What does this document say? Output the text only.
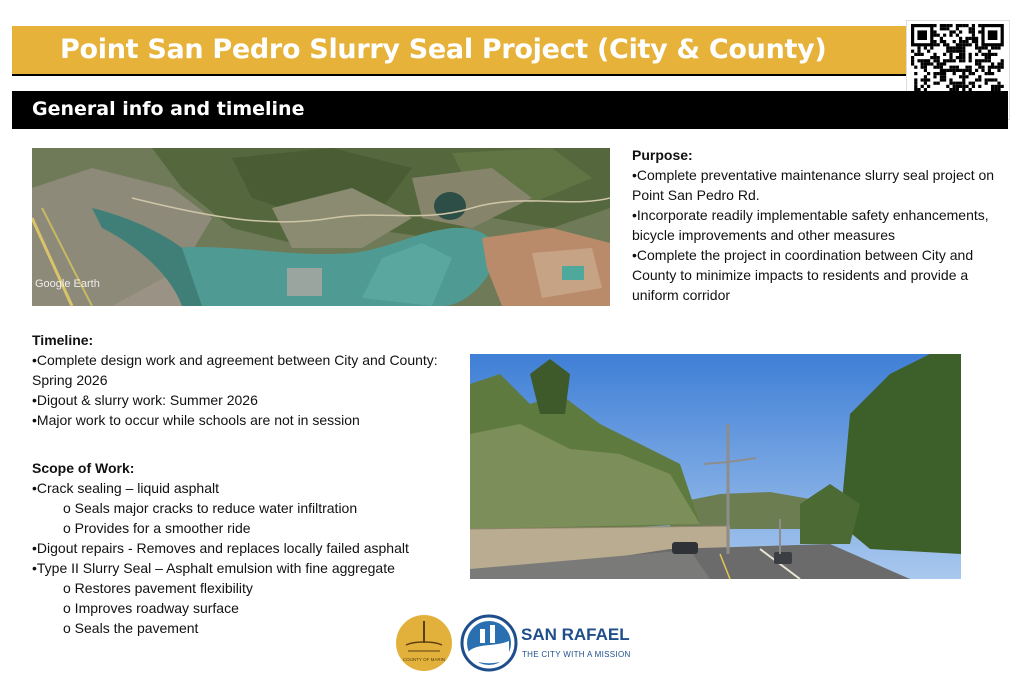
Point San Pedro Slurry Seal Project (City & County)
General info and timeline
Google Earth
Purpose:
•Complete preventative maintenance slurry seal project on Point San Pedro Rd.
•Incorporate readily implementable safety enhancements, bicycle improvements and other measures
•Complete the project in coordination between City and County to minimize impacts to residents and provide a uniform corridor
Timeline:
•Complete design work and agreement between City and County: Spring 2026
•Digout & slurry work: Summer 2026
•Major work to occur while schools are not in session
Scope of Work:
•Crack sealing – liquid asphalt
o Seals major cracks to reduce water infiltration
o Provides for a smoother ride
•Digout repairs - Removes and replaces locally failed asphalt
•Type II Slurry Seal – Asphalt emulsion with fine aggregate
o Restores pavement flexibility
o Improves roadway surface
o Seals the pavement
COUNTY OF MARIN
SAN RAFAEL
THE CITY WITH A MISSION
